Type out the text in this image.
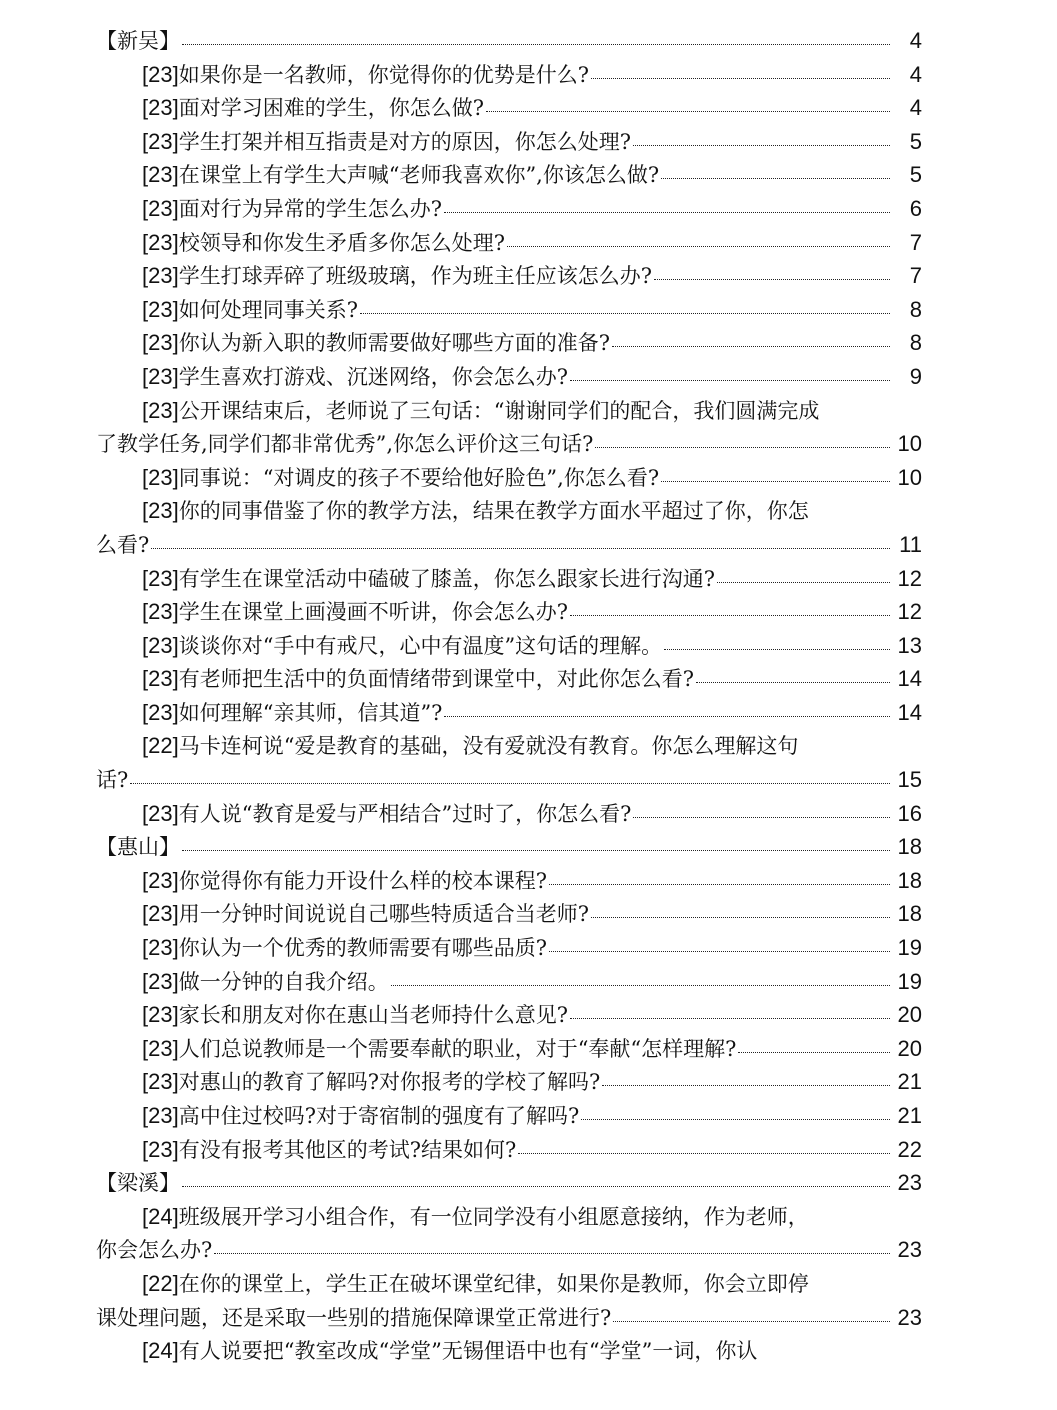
【新吴】	4
[23]如果你是一名教师，你觉得你的优势是什么?	4
[23]面对学习困难的学生，你怎么做?	4
[23]学生打架并相互指责是对方的原因，你怎么处理?	5
[23]在课堂上有学生大声喊“老师我喜欢你”,你该怎么做?	5
[23]面对行为异常的学生怎么办?	6
[23]校领导和你发生矛盾多你怎么处理?	7
[23]学生打球弄碎了班级玻璃，作为班主任应该怎么办?	7
[23]如何处理同事关系?	8
[23]你认为新入职的教师需要做好哪些方面的准备?	8
[23]学生喜欢打游戏、沉迷网络，你会怎么办?	9
[23]公开课结束后，老师说了三句话：“谢谢同学们的配合，我们圆满完成
了教学任务,同学们都非常优秀”,你怎么评价这三句话?	10
[23]同事说：“对调皮的孩子不要给他好脸色”,你怎么看?	10
[23]你的同事借鉴了你的教学方法，结果在教学方面水平超过了你，你怎
么看?	11
[23]有学生在课堂活动中磕破了膝盖，你怎么跟家长进行沟通?	12
[23]学生在课堂上画漫画不听讲，你会怎么办?	12
[23]谈谈你对“手中有戒尺，心中有温度”这句话的理解。	13
[23]有老师把生活中的负面情绪带到课堂中，对此你怎么看?	14
[23]如何理解“亲其师，信其道”?	14
[22]马卡连柯说“爱是教育的基础，没有爱就没有教育。你怎么理解这句
话?	15
[23]有人说“教育是爱与严相结合”过时了，你怎么看?	16
【惠山】	18
[23]你觉得你有能力开设什么样的校本课程?	18
[23]用一分钟时间说说自己哪些特质适合当老师?	18
[23]你认为一个优秀的教师需要有哪些品质?	19
[23]做一分钟的自我介绍。	19
[23]家长和朋友对你在惠山当老师持什么意见?	20
[23]人们总说教师是一个需要奉献的职业，对于“奉献“怎样理解?	20
[23]对惠山的教育了解吗?对你报考的学校了解吗?	21
[23]高中住过校吗?对于寄宿制的强度有了解吗?	21
[23]有没有报考其他区的考试?结果如何?	22
【梁溪】	23
[24]班级展开学习小组合作，有一位同学没有小组愿意接纳，作为老师，
你会怎么办?	23
[22]在你的课堂上，学生正在破坏课堂纪律，如果你是教师，你会立即停
课处理问题，还是采取一些别的措施保障课堂正常进行?	23
[24]有人说要把“教室改成“学堂”无锡俚语中也有“学堂”一词，你认
